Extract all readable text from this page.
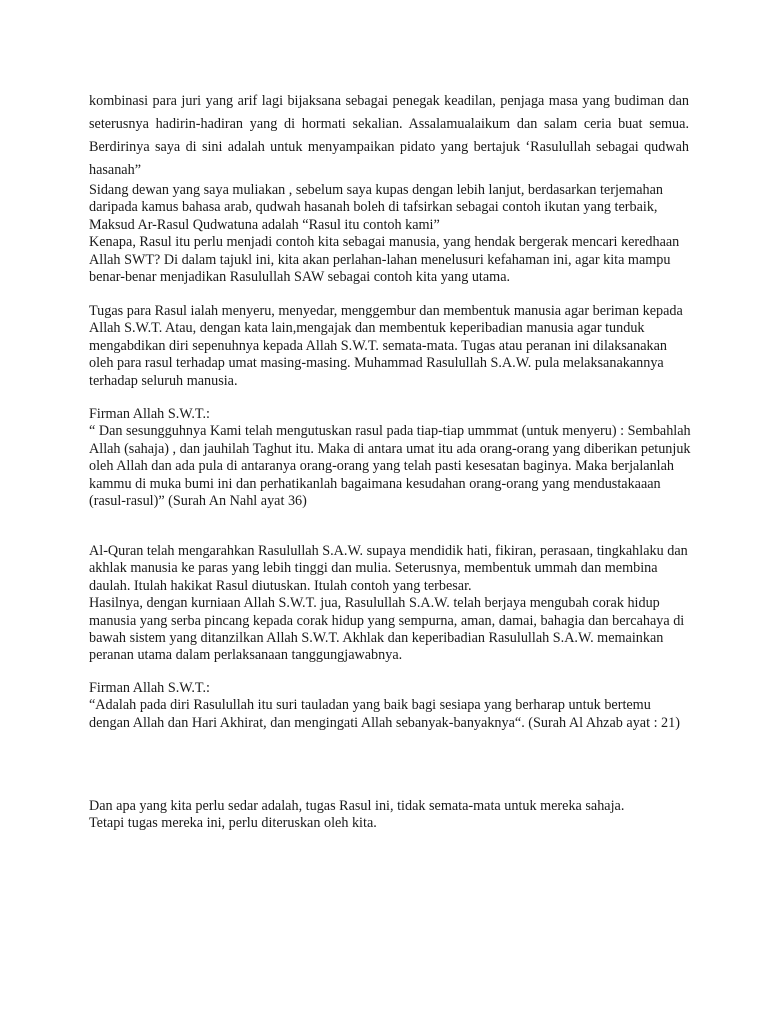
kombinasi para juri yang arif lagi bijaksana sebagai penegak keadilan, penjaga masa yang budiman dan
seterusnya hadirin-hadiran yang di hormati sekalian. Assalamualaikum dan salam ceria buat semua.
Berdirinya saya di sini adalah untuk menyampaikan pidato yang bertajuk ‘Rasulullah sebagai qudwah
hasanah”
Sidang dewan yang saya muliakan , sebelum saya kupas dengan lebih lanjut, berdasarkan terjemahan
daripada kamus bahasa arab, qudwah hasanah boleh di tafsirkan sebagai contoh ikutan yang terbaik,
Maksud Ar-Rasul Qudwatuna adalah “Rasul itu contoh kami”
Kenapa, Rasul itu perlu menjadi contoh kita sebagai manusia, yang hendak bergerak mencari keredhaan
Allah SWT? Di dalam tajukl ini, kita akan perlahan-lahan menelusuri kefahaman ini, agar kita mampu
benar-benar menjadikan Rasulullah SAW sebagai contoh kita yang utama.
Tugas para Rasul ialah menyeru, menyedar, menggembur dan membentuk manusia agar beriman kepada
Allah S.W.T. Atau, dengan kata lain,mengajak dan membentuk keperibadian manusia agar tunduk
mengabdikan diri sepenuhnya kepada Allah S.W.T. semata-mata. Tugas atau peranan ini dilaksanakan
oleh para rasul terhadap umat masing-masing. Muhammad Rasulullah S.A.W. pula melaksanakannya
terhadap seluruh manusia.
Firman Allah S.W.T.:
“ Dan sesungguhnya Kami telah mengutuskan rasul pada tiap-tiap ummmat (untuk menyeru) : Sembahlah
Allah (sahaja) , dan jauhilah Taghut itu. Maka di antara umat itu ada orang-orang yang diberikan petunjuk
oleh Allah dan ada pula di antaranya orang-orang yang telah pasti kesesatan baginya. Maka berjalanlah
kammu di muka bumi ini dan perhatikanlah bagaimana kesudahan orang-orang yang mendustakaaan
(rasul-rasul)” (Surah An Nahl ayat 36)
Al-Quran telah mengarahkan Rasulullah S.A.W. supaya mendidik hati, fikiran, perasaan, tingkahlaku dan
akhlak manusia ke paras yang lebih tinggi dan mulia. Seterusnya, membentuk ummah dan membina
daulah. Itulah hakikat Rasul diutuskan. Itulah contoh yang terbesar.
Hasilnya, dengan kurniaan Allah S.W.T. jua, Rasulullah S.A.W. telah berjaya mengubah corak hidup
manusia yang serba pincang kepada corak hidup yang sempurna, aman, damai, bahagia dan bercahaya di
bawah sistem yang ditanzilkan Allah S.W.T. Akhlak dan keperibadian Rasulullah S.A.W. memainkan
peranan utama dalam perlaksanaan tanggungjawabnya.
Firman Allah S.W.T.:
“Adalah pada diri Rasulullah itu suri tauladan yang baik bagi sesiapa yang berharap untuk bertemu
dengan Allah dan Hari Akhirat, dan mengingati Allah sebanyak-banyaknya“. (Surah Al Ahzab ayat : 21)
Dan apa yang kita perlu sedar adalah, tugas Rasul ini, tidak semata-mata untuk mereka sahaja.
Tetapi tugas mereka ini, perlu diteruskan oleh kita.
